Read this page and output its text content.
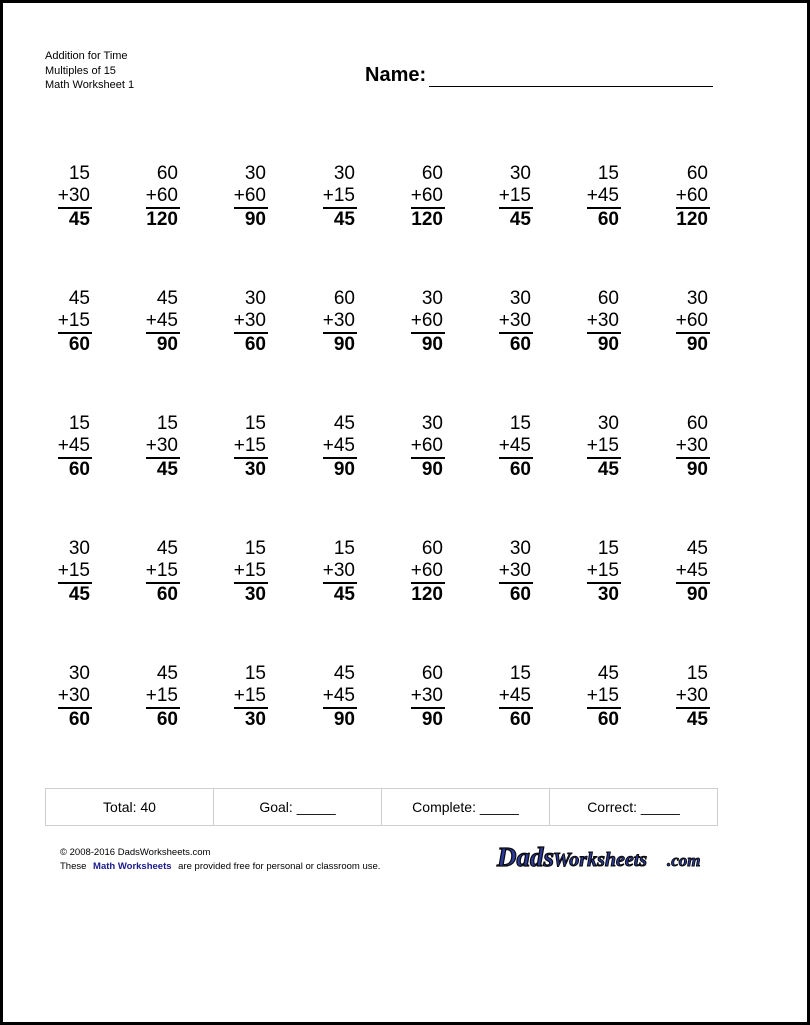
Addition for Time
Multiples of 15
Math Worksheet 1	Name:
15
+30
45
60
+60
120
30
+60
90
30
+15
45
60
+60
120
30
+15
45
15
+45
60
60
+60
120
45
+15
60
45
+45
90
30
+30
60
60
+30
90
30
+60
90
30
+30
60
60
+30
90
30
+60
90
15
+45
60
15
+30
45
15
+15
30
45
+45
90
30
+60
90
15
+45
60
30
+15
45
60
+30
90
30
+15
45
45
+15
60
15
+15
30
15
+30
45
60
+60
120
30
+30
60
15
+15
30
45
+45
90
30
+30
60
45
+15
60
15
+15
30
45
+45
90
60
+30
90
15
+45
60
45
+15
60
15
+30
45
Total: 40	Goal: _____	Complete: _____	Correct: _____
© 2008-2016 DadsWorksheets.com
These Math Worksheets are provided free for personal or classroom use.	Dads
Worksheets .com
